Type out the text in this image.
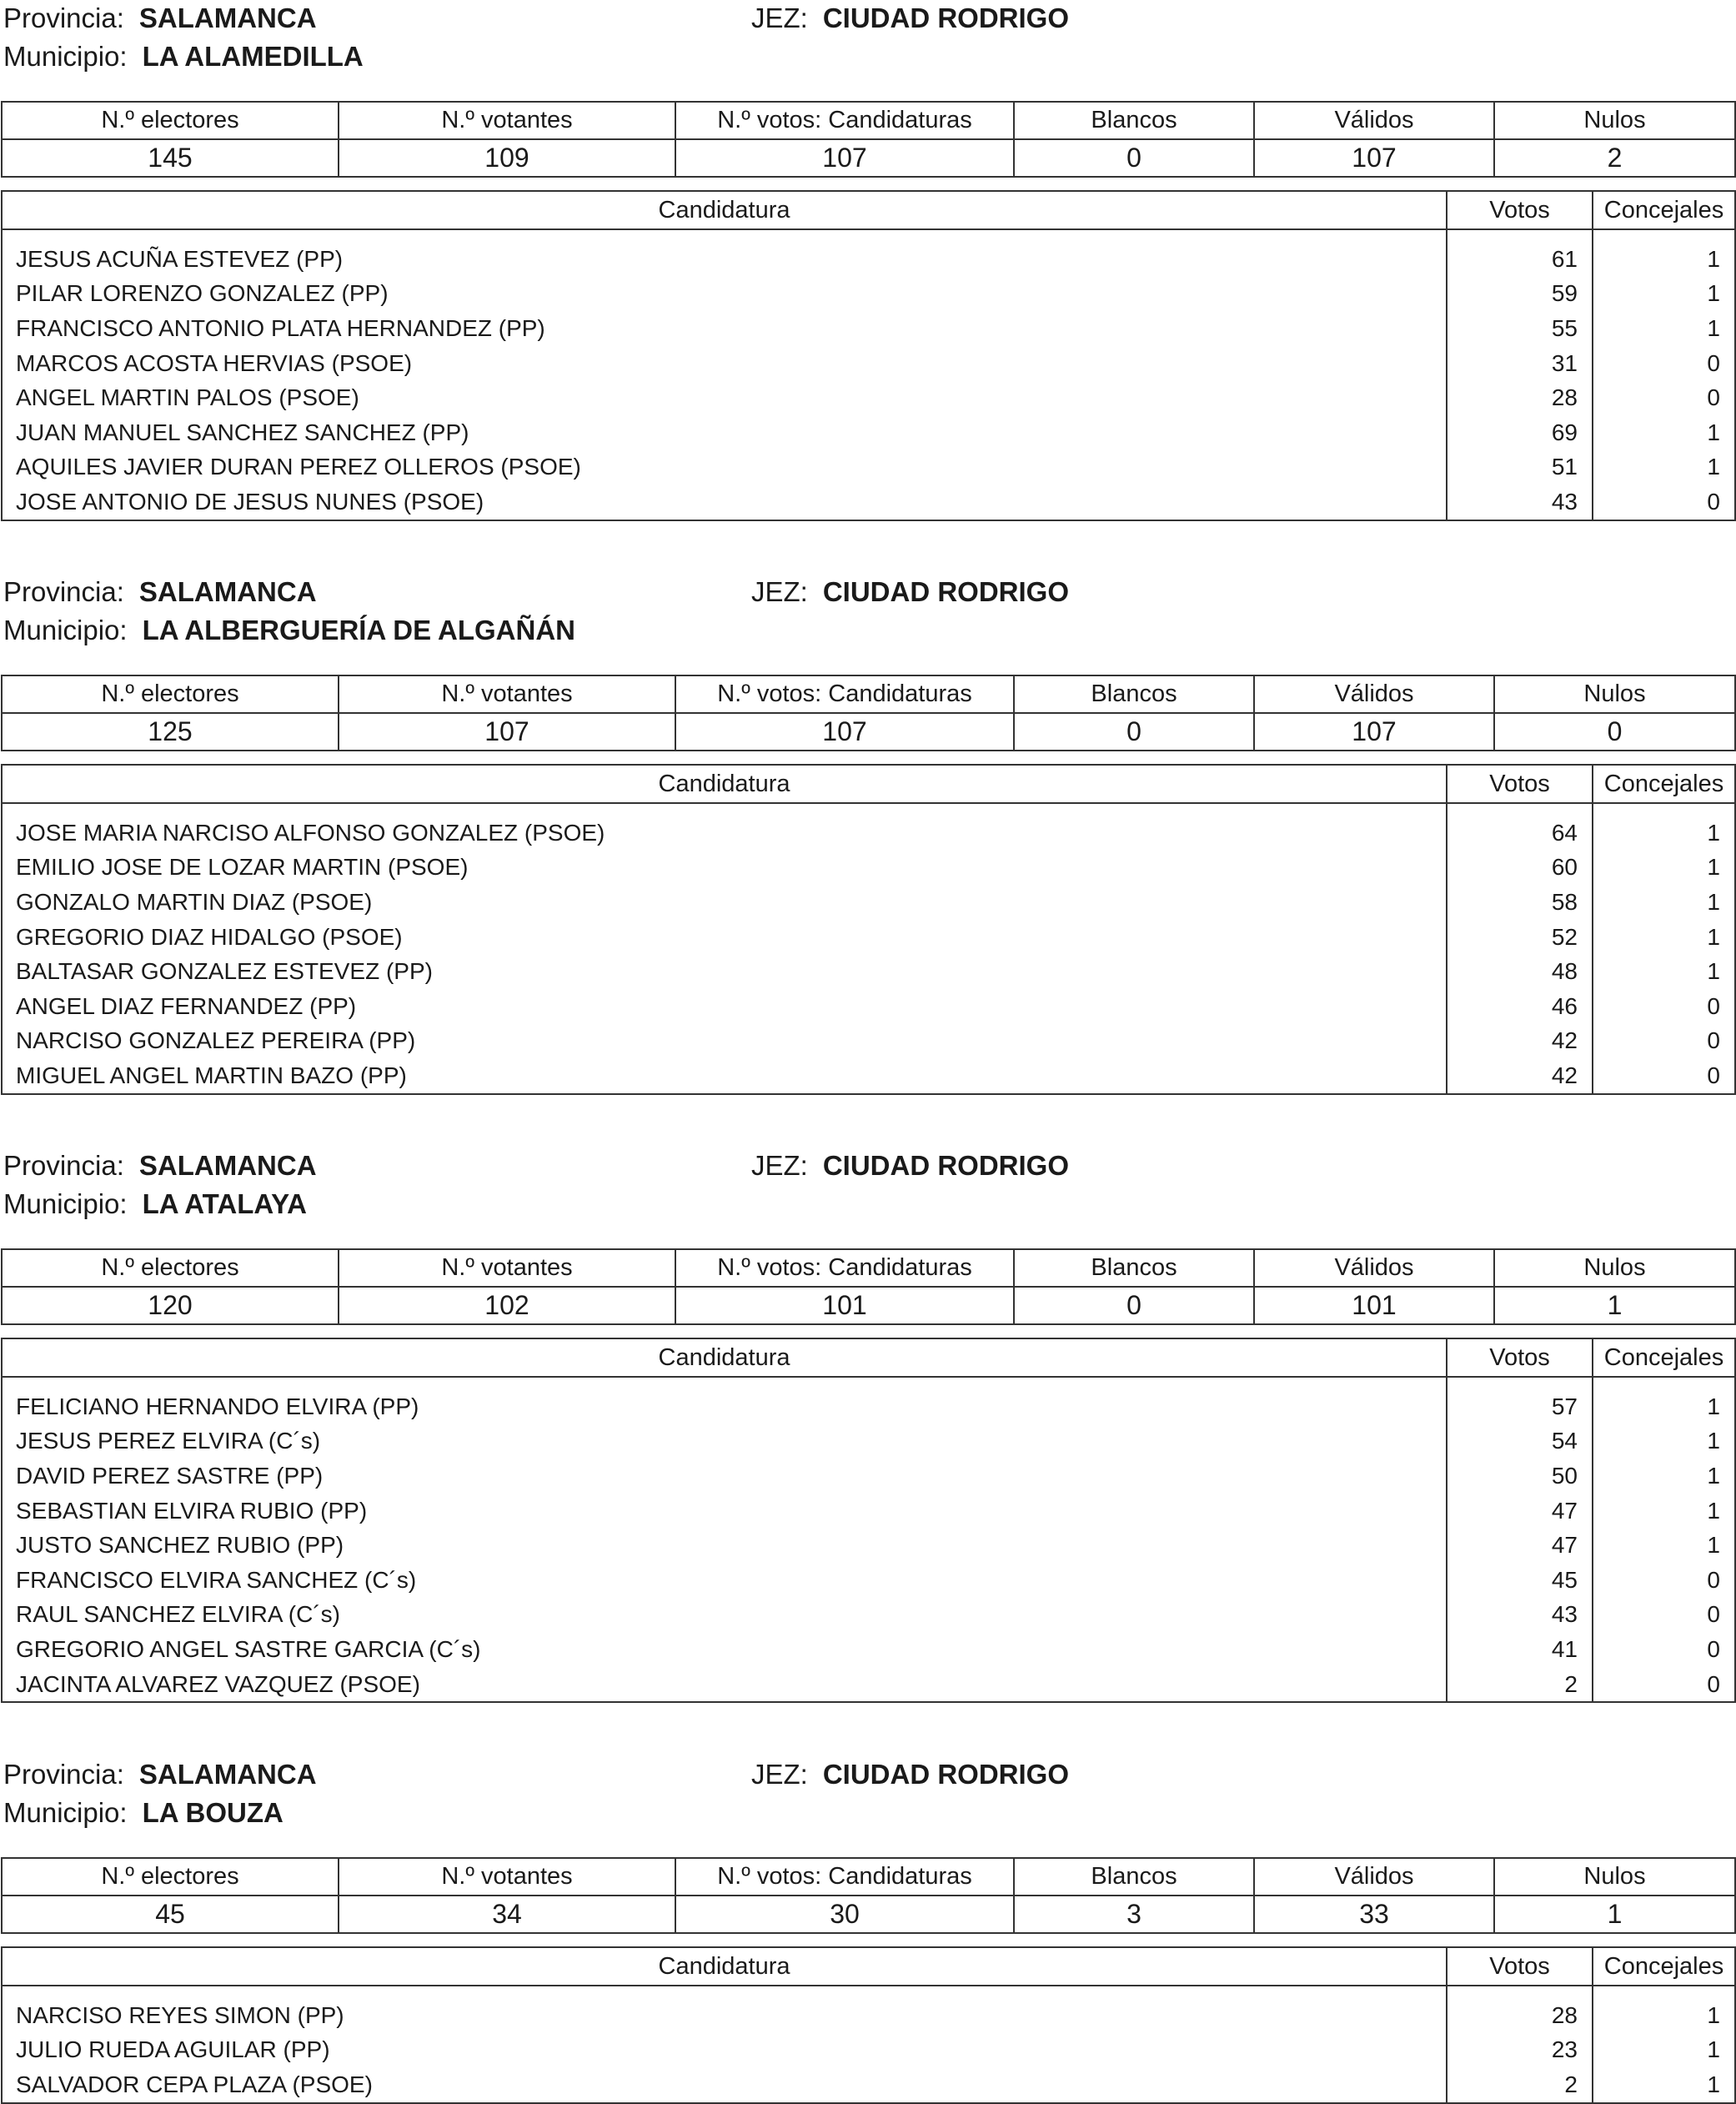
Provincia: SALAMANCA	JEZ: CIUDAD RODRIGO
Municipio: LA ALAMEDILLA
N.º electores	N.º votantes	N.º votos: Candidaturas	Blancos	Válidos	Nulos
145	109	107	0	107	2
Candidatura	Votos	Concejales
JESUS ACUÑA ESTEVEZ (PP)	61	1
PILAR LORENZO GONZALEZ (PP)	59	1
FRANCISCO ANTONIO PLATA HERNANDEZ (PP)	55	1
MARCOS ACOSTA HERVIAS (PSOE)	31	0
ANGEL MARTIN PALOS (PSOE)	28	0
JUAN MANUEL SANCHEZ SANCHEZ (PP)	69	1
AQUILES JAVIER DURAN PEREZ OLLEROS (PSOE)	51	1
JOSE ANTONIO DE JESUS NUNES (PSOE)	43	0
Provincia: SALAMANCA	JEZ: CIUDAD RODRIGO
Municipio: LA ALBERGUERÍA DE ALGAÑÁN
N.º electores	N.º votantes	N.º votos: Candidaturas	Blancos	Válidos	Nulos
125	107	107	0	107	0
Candidatura	Votos	Concejales
JOSE MARIA NARCISO ALFONSO GONZALEZ (PSOE)	64	1
EMILIO JOSE DE LOZAR MARTIN (PSOE)	60	1
GONZALO MARTIN DIAZ (PSOE)	58	1
GREGORIO DIAZ HIDALGO (PSOE)	52	1
BALTASAR GONZALEZ ESTEVEZ (PP)	48	1
ANGEL DIAZ FERNANDEZ (PP)	46	0
NARCISO GONZALEZ PEREIRA (PP)	42	0
MIGUEL ANGEL MARTIN BAZO (PP)	42	0
Provincia: SALAMANCA	JEZ: CIUDAD RODRIGO
Municipio: LA ATALAYA
N.º electores	N.º votantes	N.º votos: Candidaturas	Blancos	Válidos	Nulos
120	102	101	0	101	1
Candidatura	Votos	Concejales
FELICIANO HERNANDO ELVIRA (PP)	57	1
JESUS PEREZ ELVIRA (C´s)	54	1
DAVID PEREZ SASTRE (PP)	50	1
SEBASTIAN ELVIRA RUBIO (PP)	47	1
JUSTO SANCHEZ RUBIO (PP)	47	1
FRANCISCO ELVIRA SANCHEZ (C´s)	45	0
RAUL SANCHEZ ELVIRA (C´s)	43	0
GREGORIO ANGEL SASTRE GARCIA (C´s)	41	0
JACINTA ALVAREZ VAZQUEZ (PSOE)	2	0
Provincia: SALAMANCA	JEZ: CIUDAD RODRIGO
Municipio: LA BOUZA
N.º electores	N.º votantes	N.º votos: Candidaturas	Blancos	Válidos	Nulos
45	34	30	3	33	1
Candidatura	Votos	Concejales
NARCISO REYES SIMON (PP)	28	1
JULIO RUEDA AGUILAR (PP)	23	1
SALVADOR CEPA PLAZA (PSOE)	2	1
